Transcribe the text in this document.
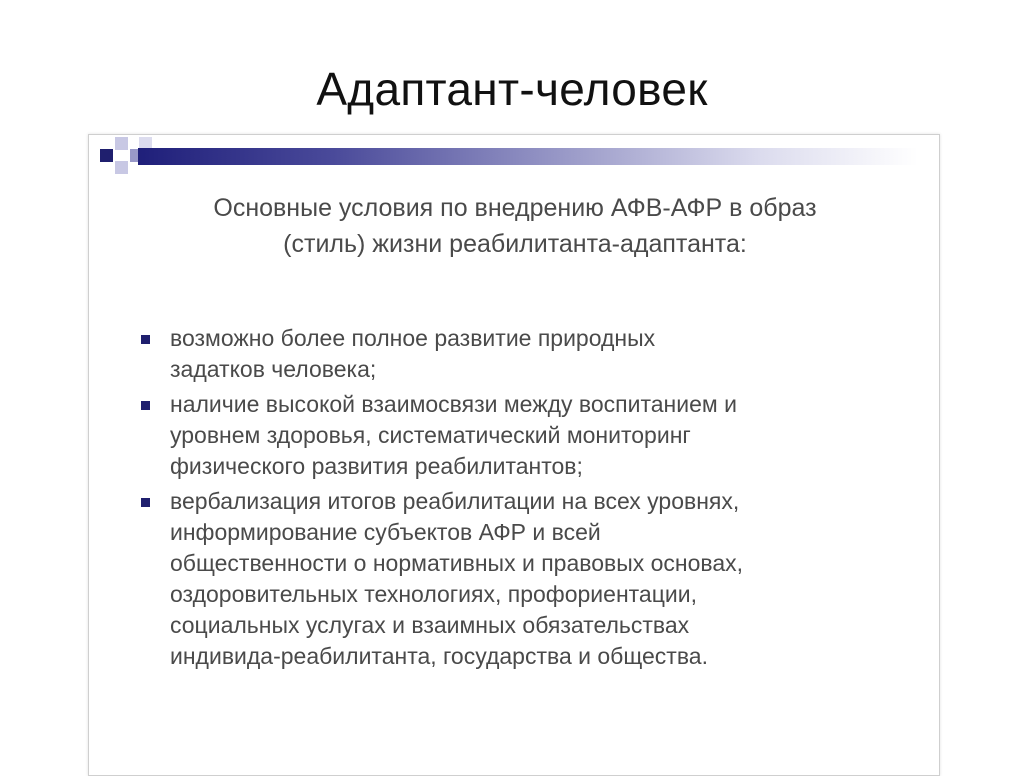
Адаптант-человек
Основные условия по внедрению АФВ-АФР в образ
(стиль) жизни реабилитанта-адаптанта:
возможно более полное развитие природных
задатков человека;
наличие высокой взаимосвязи между воспитанием и
уровнем здоровья, систематический мониторинг
физического развития реабилитантов;
вербализация итогов реабилитации на всех уровнях,
информирование субъектов АФР и всей
общественности о нормативных и правовых основах,
оздоровительных технологиях, профориентации,
социальных услугах и взаимных обязательствах
индивида-реабилитанта, государства и общества.
